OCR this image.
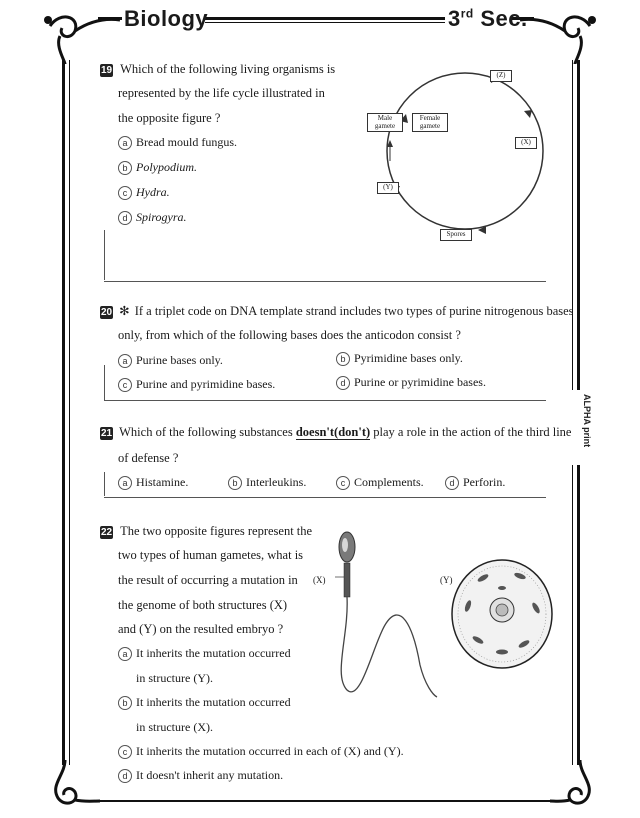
Biology	3rd Sec.
ALPHA print
19 Which of the following living organisms is
represented by the life cycle illustrated in
the opposite figure ?
a Bread mould fungus.
b Polypodium.
c Hydra.
d Spirogyra.
(Z)
(X)
(Y)
Male gamete
Female gamete
Spores
20 ✻ If a triplet code on DNA template strand includes two types of purine nitrogenous bases
only, from which of the following bases does the anticodon consist ?
a Purine bases only.	b Pyrimidine bases only.
c Purine and pyrimidine bases.	d Purine or pyrimidine bases.
21 Which of the following substances doesn't(don't) play a role in the action of the third line
of defense ?
a Histamine.	b Interleukins.	c Complements.	d Perforin.
22 The two opposite figures represent the
two types of human gametes, what is
the result of occurring a mutation in
the genome of both structures (X)
and (Y) on the resulted embryo ?
a It inherits the mutation occurred
in structure (Y).
b It inherits the mutation occurred
in structure (X).
c It inherits the mutation occurred in each of (X) and (Y).
d It doesn't inherit any mutation.
(X)	(Y)
